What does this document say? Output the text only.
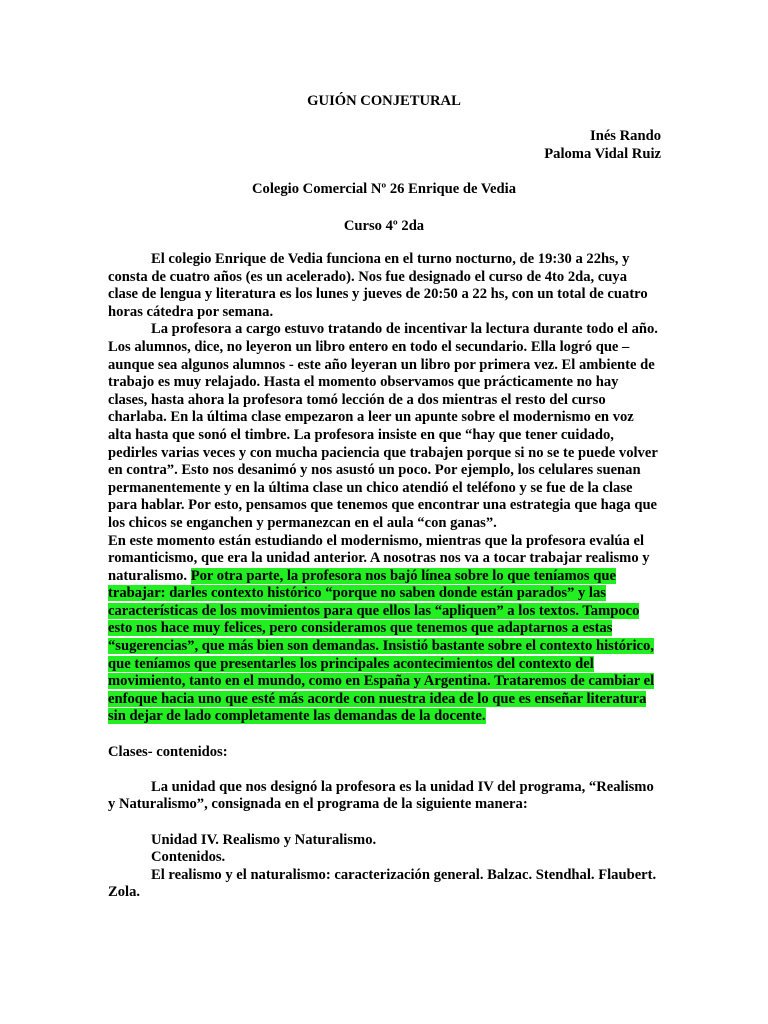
GUIÓN CONJETURAL

Inés Rando

Paloma Vidal Ruiz

Colegio Comercial Nº 26 Enrique de Vedia

Curso 4º 2da

El colegio Enrique de Vedia funciona en el turno nocturno, de 19:30 a 22hs, y consta de cuatro años (es un acelerado). Nos fue designado el curso de 4to 2da, cuya clase de lengua y literatura es los lunes y jueves de 20:50 a 22 hs, con un total de cuatro horas cátedra por semana.

La profesora a cargo estuvo tratando de incentivar la lectura durante todo el año. Los alumnos, dice, no leyeron un libro entero en todo el secundario. Ella logró que – aunque sea algunos alumnos - este año leyeran un libro por primera vez. El ambiente de trabajo es muy relajado. Hasta el momento observamos que prácticamente no hay clases, hasta ahora la profesora tomó lección de a dos mientras el resto del curso charlaba. En la última clase empezaron a leer un apunte sobre el modernismo en voz alta hasta que sonó el timbre. La profesora insiste en que “hay que tener cuidado, pedirles varias veces y con mucha paciencia que trabajen porque si no se te puede volver en contra”. Esto nos desanimó y nos asustó un poco. Por ejemplo, los celulares suenan permanentemente y en la última clase un chico atendió el teléfono y se fue de la clase para hablar. Por esto, pensamos que tenemos que encontrar una estrategia que haga que los chicos se enganchen y permanezcan en el aula “con ganas”.

En este momento están estudiando el modernismo, mientras que la profesora evalúa el romanticismo, que era la unidad anterior. A nosotras nos va a tocar trabajar realismo y naturalismo. Por otra parte, la profesora nos bajó línea sobre lo que teníamos que trabajar: darles contexto histórico “porque no saben donde están parados” y las características de los movimientos para que ellos las “apliquen” a los textos. Tampoco esto nos hace muy felices, pero consideramos que tenemos que adaptarnos a estas “sugerencias”, que más bien son demandas. Insistió bastante sobre el contexto histórico, que teníamos que presentarles los principales acontecimientos del contexto del movimiento, tanto en el mundo, como en España y Argentina. Trataremos de cambiar el enfoque hacia uno que esté más acorde con nuestra idea de lo que es enseñar literatura sin dejar de lado completamente las demandas de la docente.

Clases- contenidos:

La unidad que nos designó la profesora es la unidad IV del programa, “Realismo y Naturalismo”, consignada en el programa de la siguiente manera:

Unidad IV. Realismo y Naturalismo.

Contenidos.

El realismo y el naturalismo: caracterización general. Balzac. Stendhal. Flaubert. Zola.
